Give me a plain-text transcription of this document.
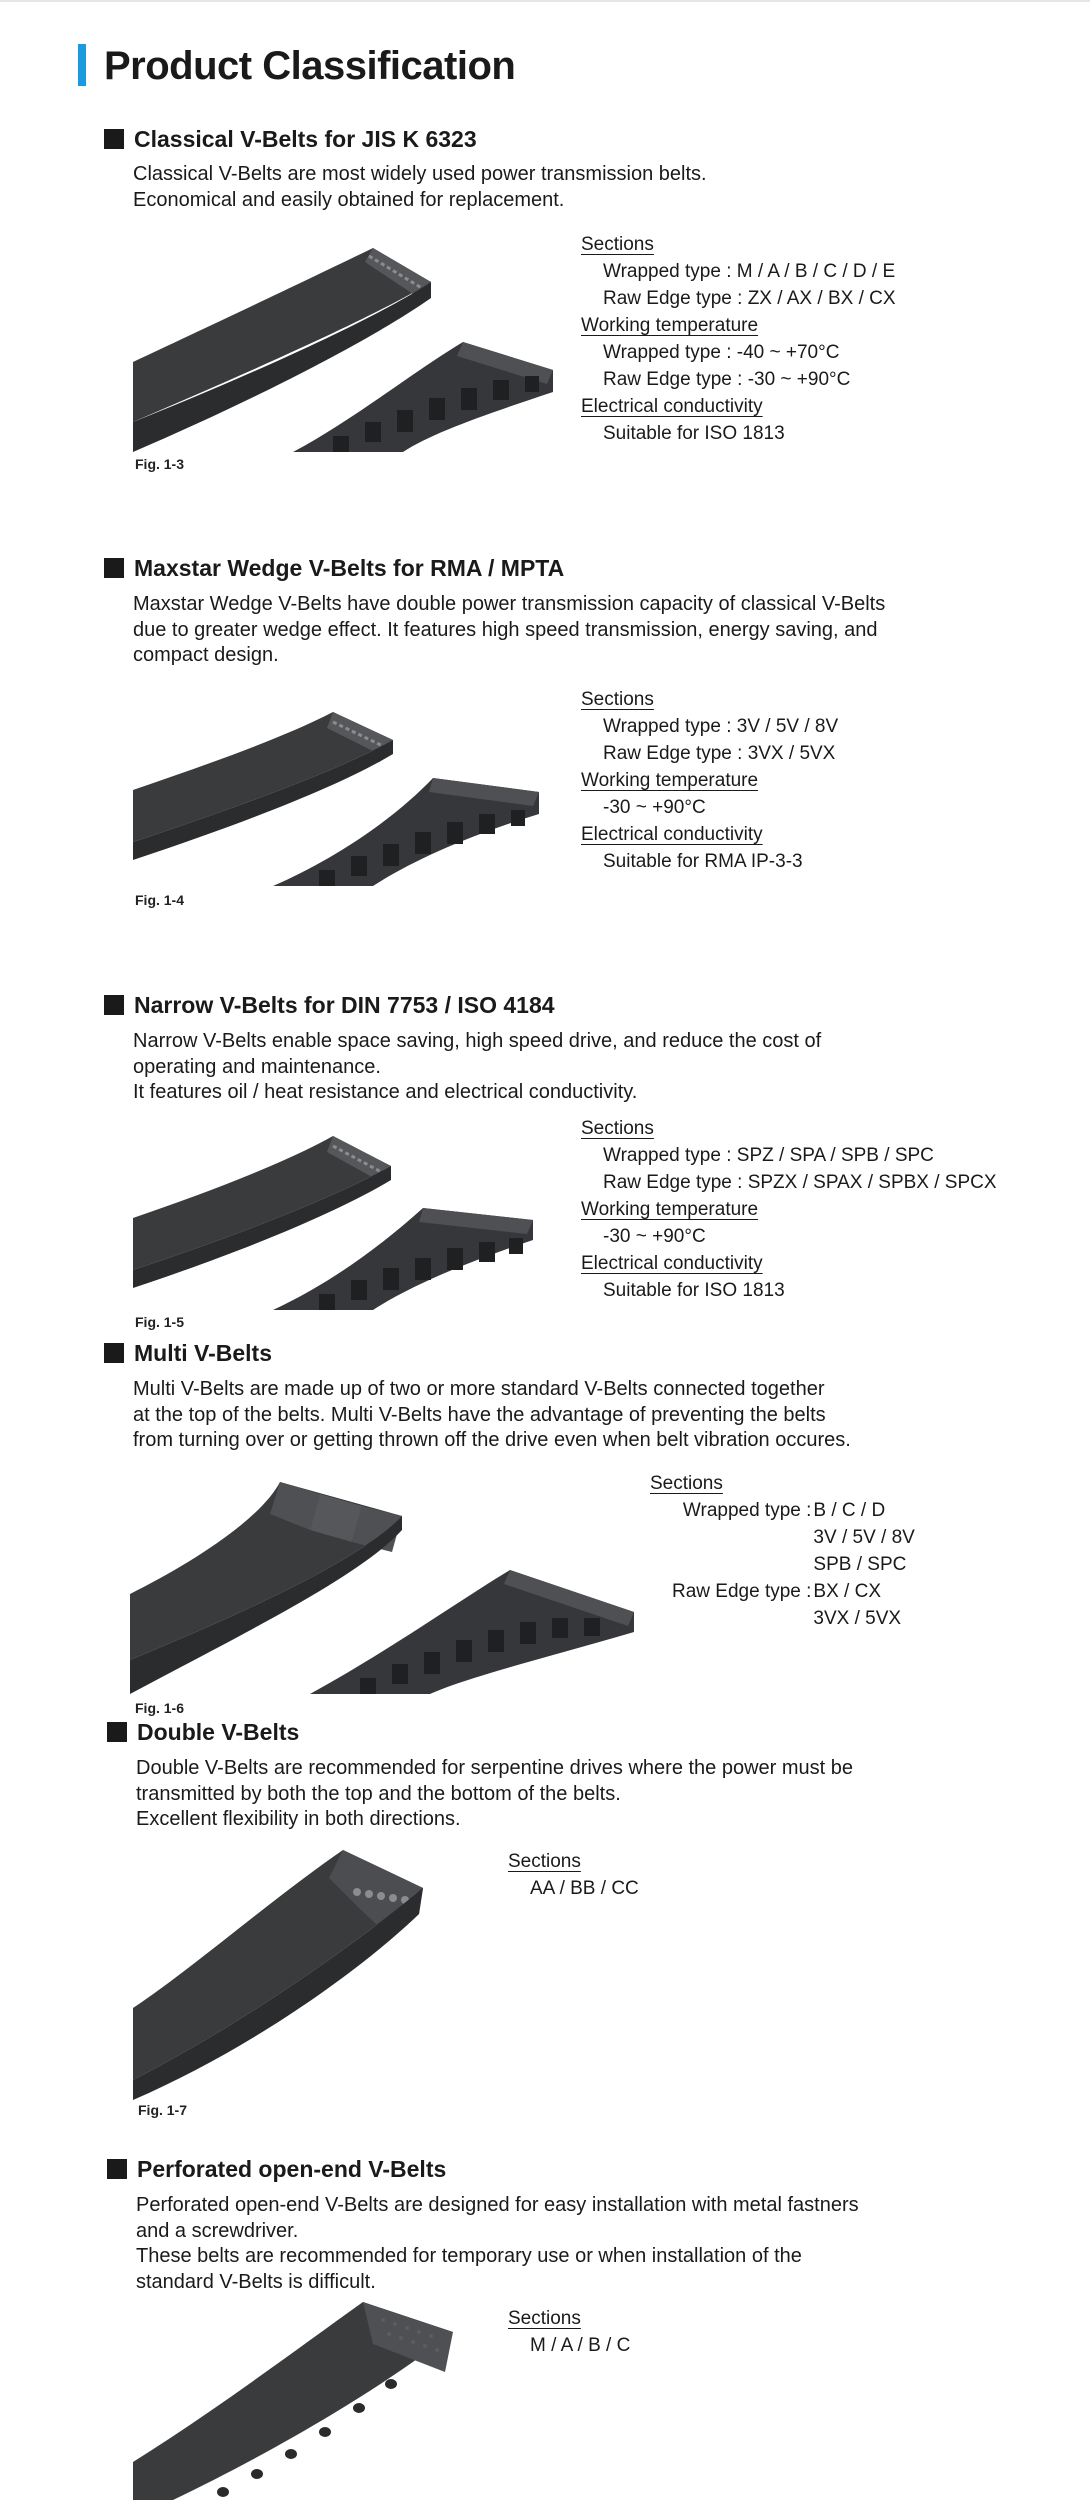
Product Classification
Classical V-Belts for JIS K 6323

Classical V-Belts are most widely used power transmission belts.
Economical and easily obtained for replacement.

Fig. 1-3
Sections
Wrapped type : M / A / B / C / D / E
Raw Edge type : ZX / AX / BX / CX
Working temperature
Wrapped type : -40 ~ +70°C
Raw Edge type : -30 ~ +90°C
Electrical conductivity
Suitable for ISO 1813
Maxstar Wedge V-Belts for RMA / MPTA

Maxstar Wedge V-Belts have double power transmission capacity of classical V-Belts
due to greater wedge effect. It features high speed transmission, energy saving, and
compact design.

Fig. 1-4
Sections
Wrapped type : 3V / 5V / 8V
Raw Edge type : 3VX / 5VX
Working temperature
-30 ~ +90°C
Electrical conductivity
Suitable for RMA IP-3-3
Narrow V-Belts for DIN 7753 / ISO 4184

Narrow V-Belts enable space saving, high speed drive, and reduce the cost of
operating and maintenance.
It features oil / heat resistance and electrical conductivity.

Fig. 1-5
Sections
Wrapped type : SPZ / SPA / SPB / SPC
Raw Edge type : SPZX / SPAX / SPBX / SPCX
Working temperature
-30 ~ +90°C
Electrical conductivity
Suitable for ISO 1813
Multi V-Belts

Multi V-Belts are made up of two or more standard V-Belts connected together
at the top of the belts. Multi V-Belts have the advantage of preventing the belts
from turning over or getting thrown off the drive even when belt vibration occures.

Fig. 1-6
Sections
Wrapped type : B / C / D
3V / 5V / 8V
SPB / SPC
Raw Edge type : BX / CX
3VX / 5VX
Double V-Belts

Double V-Belts are recommended for serpentine drives where the power must be
transmitted by both the top and the bottom of the belts.
Excellent flexibility in both directions.

Fig. 1-7
Sections
AA / BB / CC
Perforated open-end V-Belts

Perforated open-end V-Belts are designed for easy installation with metal fastners
and a screwdriver.
These belts are recommended for temporary use or when installation of the
standard V-Belts is difficult.

Sections
M / A / B / C
